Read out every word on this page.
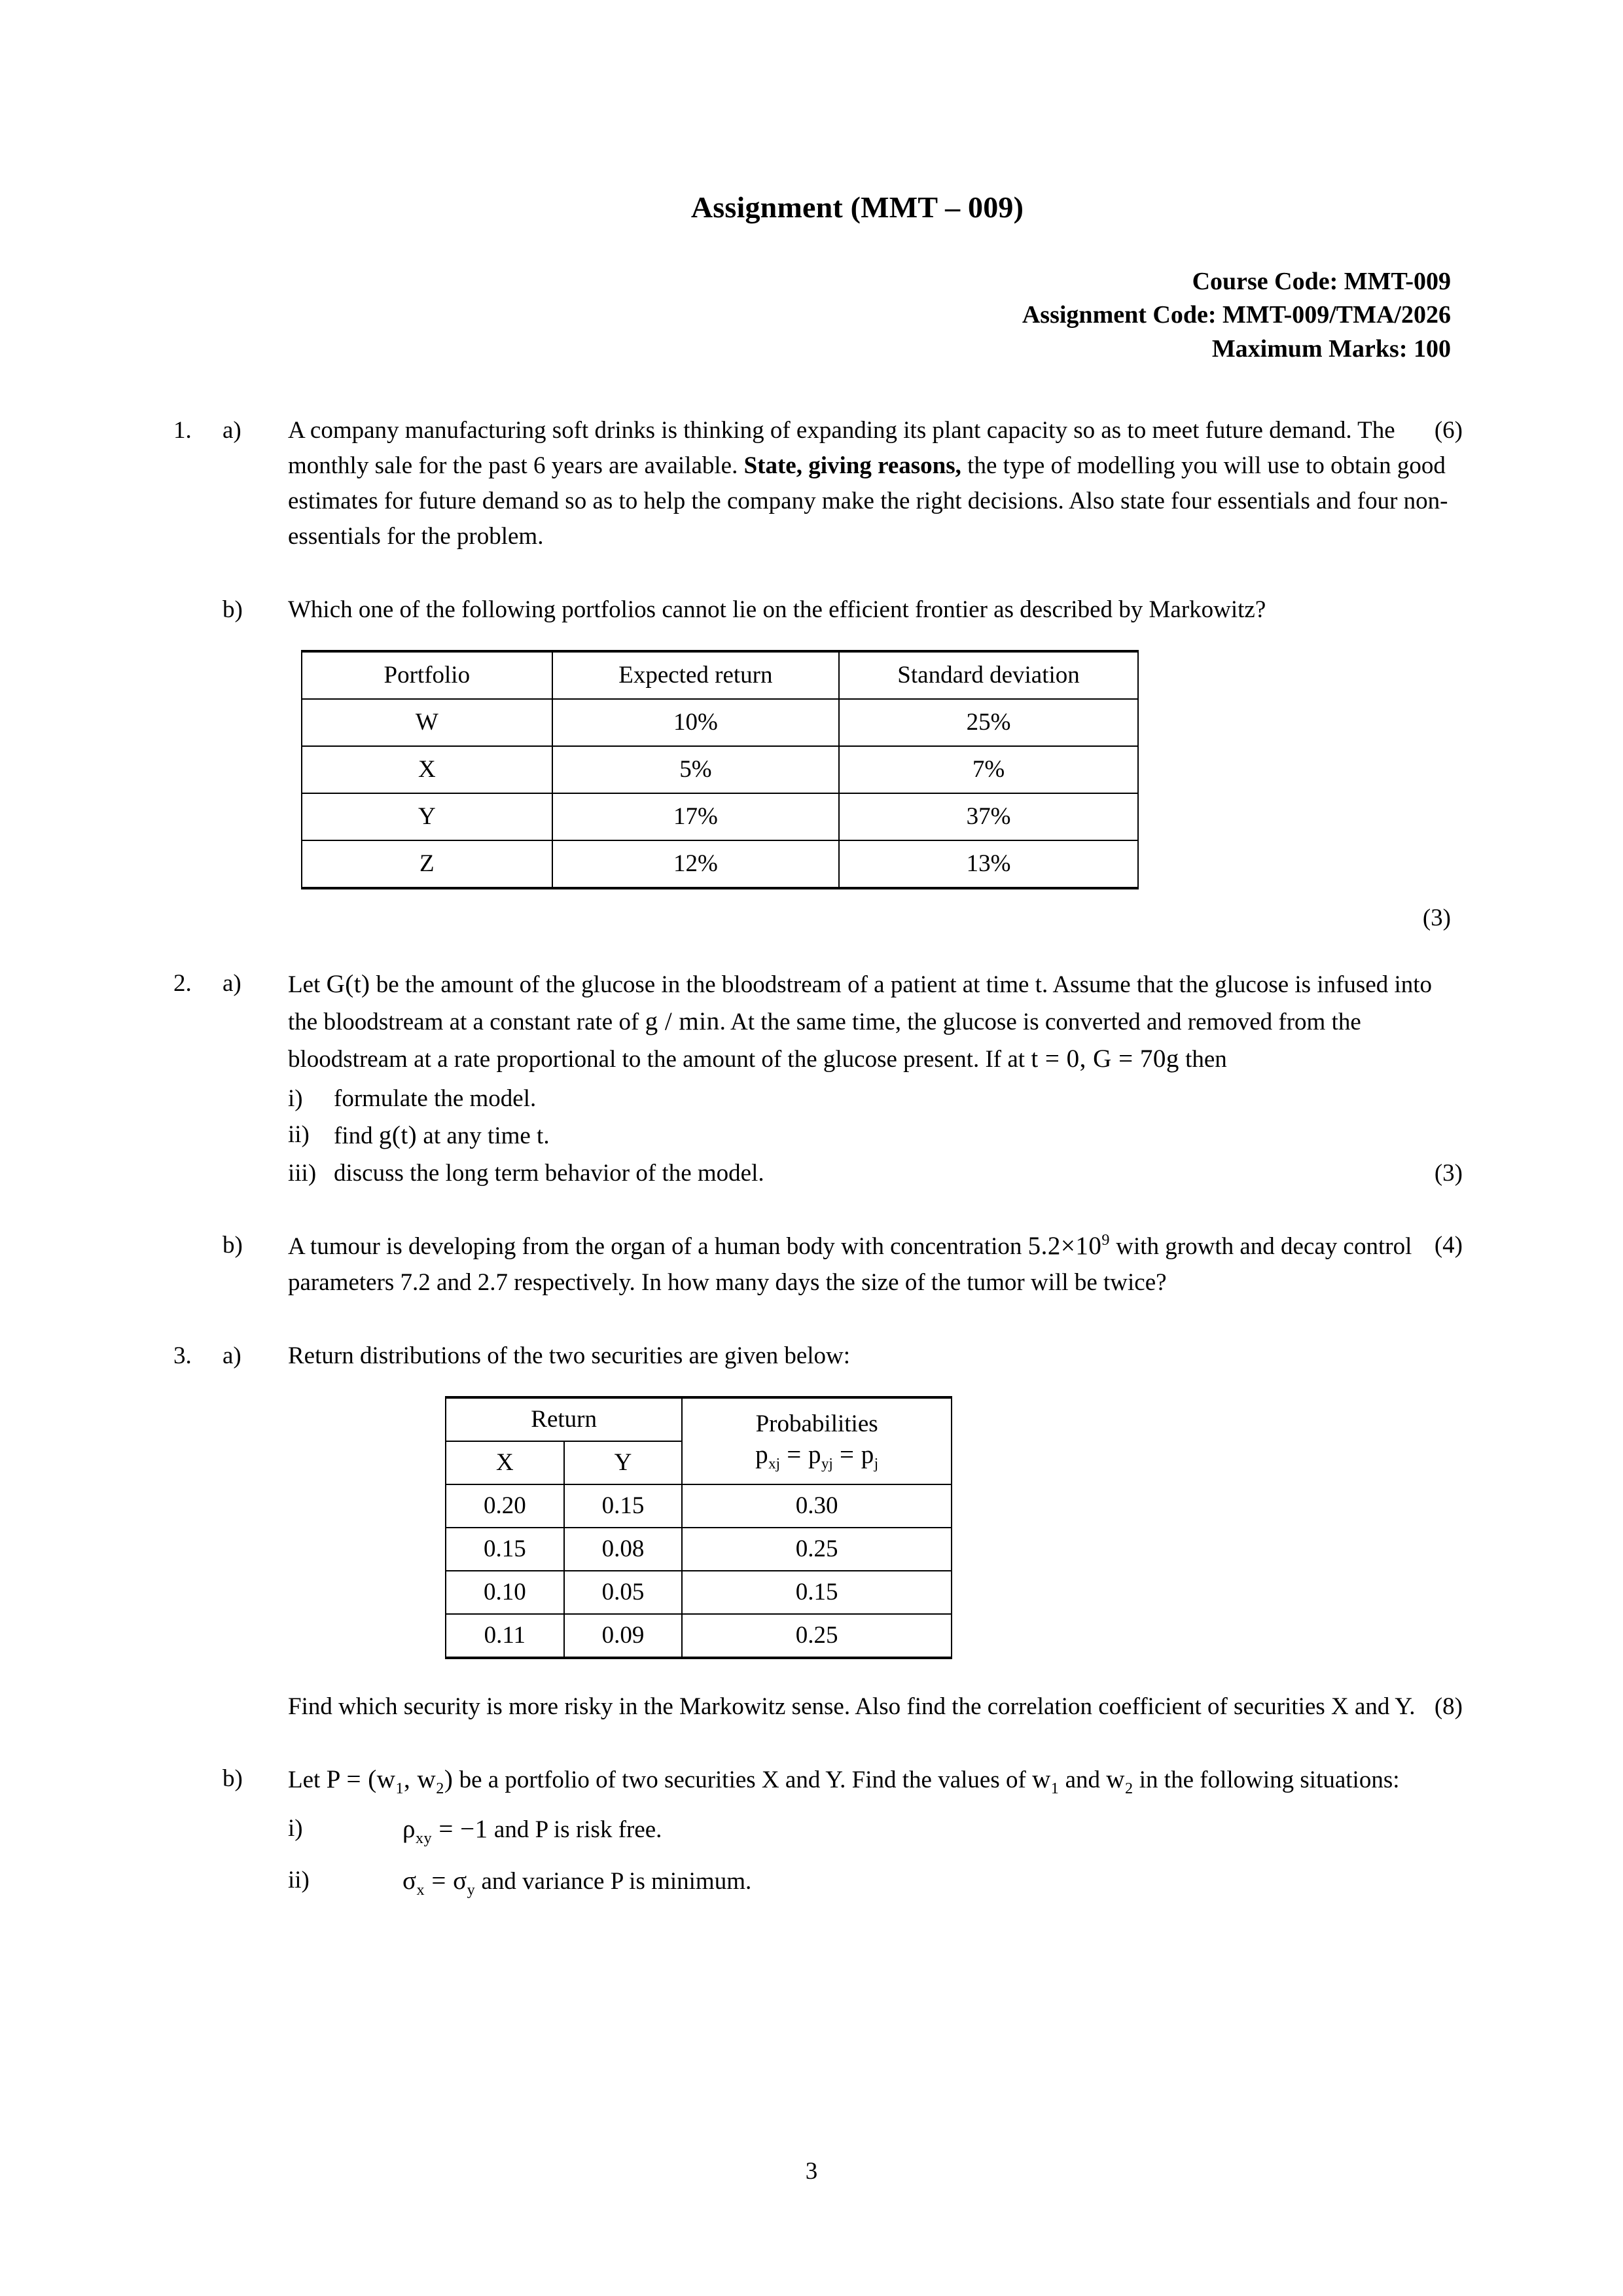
Assignment (MMT – 009)
Course Code: MMT-009
Assignment Code: MMT-009/TMA/2026
Maximum Marks: 100
1.	a)	(6)
A company manufacturing soft drinks is thinking of expanding its plant capacity so as to meet future demand. The monthly sale for the past 6 years are available. State, giving reasons, the type of modelling you will use to obtain good estimates for future demand so as to help the company make the right decisions. Also state four essentials and four non-essentials for the problem.

b)	Which one of the following portfolios cannot lie on the efficient frontier as described by Markowitz?

Portfolio	Expected return	Standard deviation
W	10%	25%
X	5%	7%
Y	17%	37%
Z	12%	13%
(3)
2.	a)	Let G(t) be the amount of the glucose in the bloodstream of a patient at time t. Assume that the glucose is infused into the bloodstream at a constant rate of g / min. At the same time, the glucose is converted and removed from the bloodstream at a rate proportional to the amount of the glucose present. If at t = 0, G = 70g then

i)	formulate the model.
ii)	find g(t) at any time t.
iii)	(3)
discuss the long term behavior of the model.
b)	(4)
A tumour is developing from the organ of a human body with concentration $5.2\times 10^9$ with growth and decay control parameters 7.2 and 2.7 respectively. In how many days the size of the tumor will be twice?

3.	a)	Return distributions of the two securities are given below:

Return		Probabilities
$p_{xj} = p_{yj} = p_j$

X	Y	
0.20	0.15	0.30
0.15	0.08	0.25
0.10	0.05	0.15
0.11	0.09	0.25

(8)
Find which security is more risky in the Markowitz sense. Also find the correlation coefficient of securities X and Y.

b)	Let $P = (w_1$, $w_2$) be a portfolio of two securities X and Y. Find the values of $w_1$ and $w_2$ in the following situations:

i)	$\rho_{xy} = -1$ and P is risk free.
ii)	$\sigma_x = \sigma_y$ and variance P is minimum.
3
